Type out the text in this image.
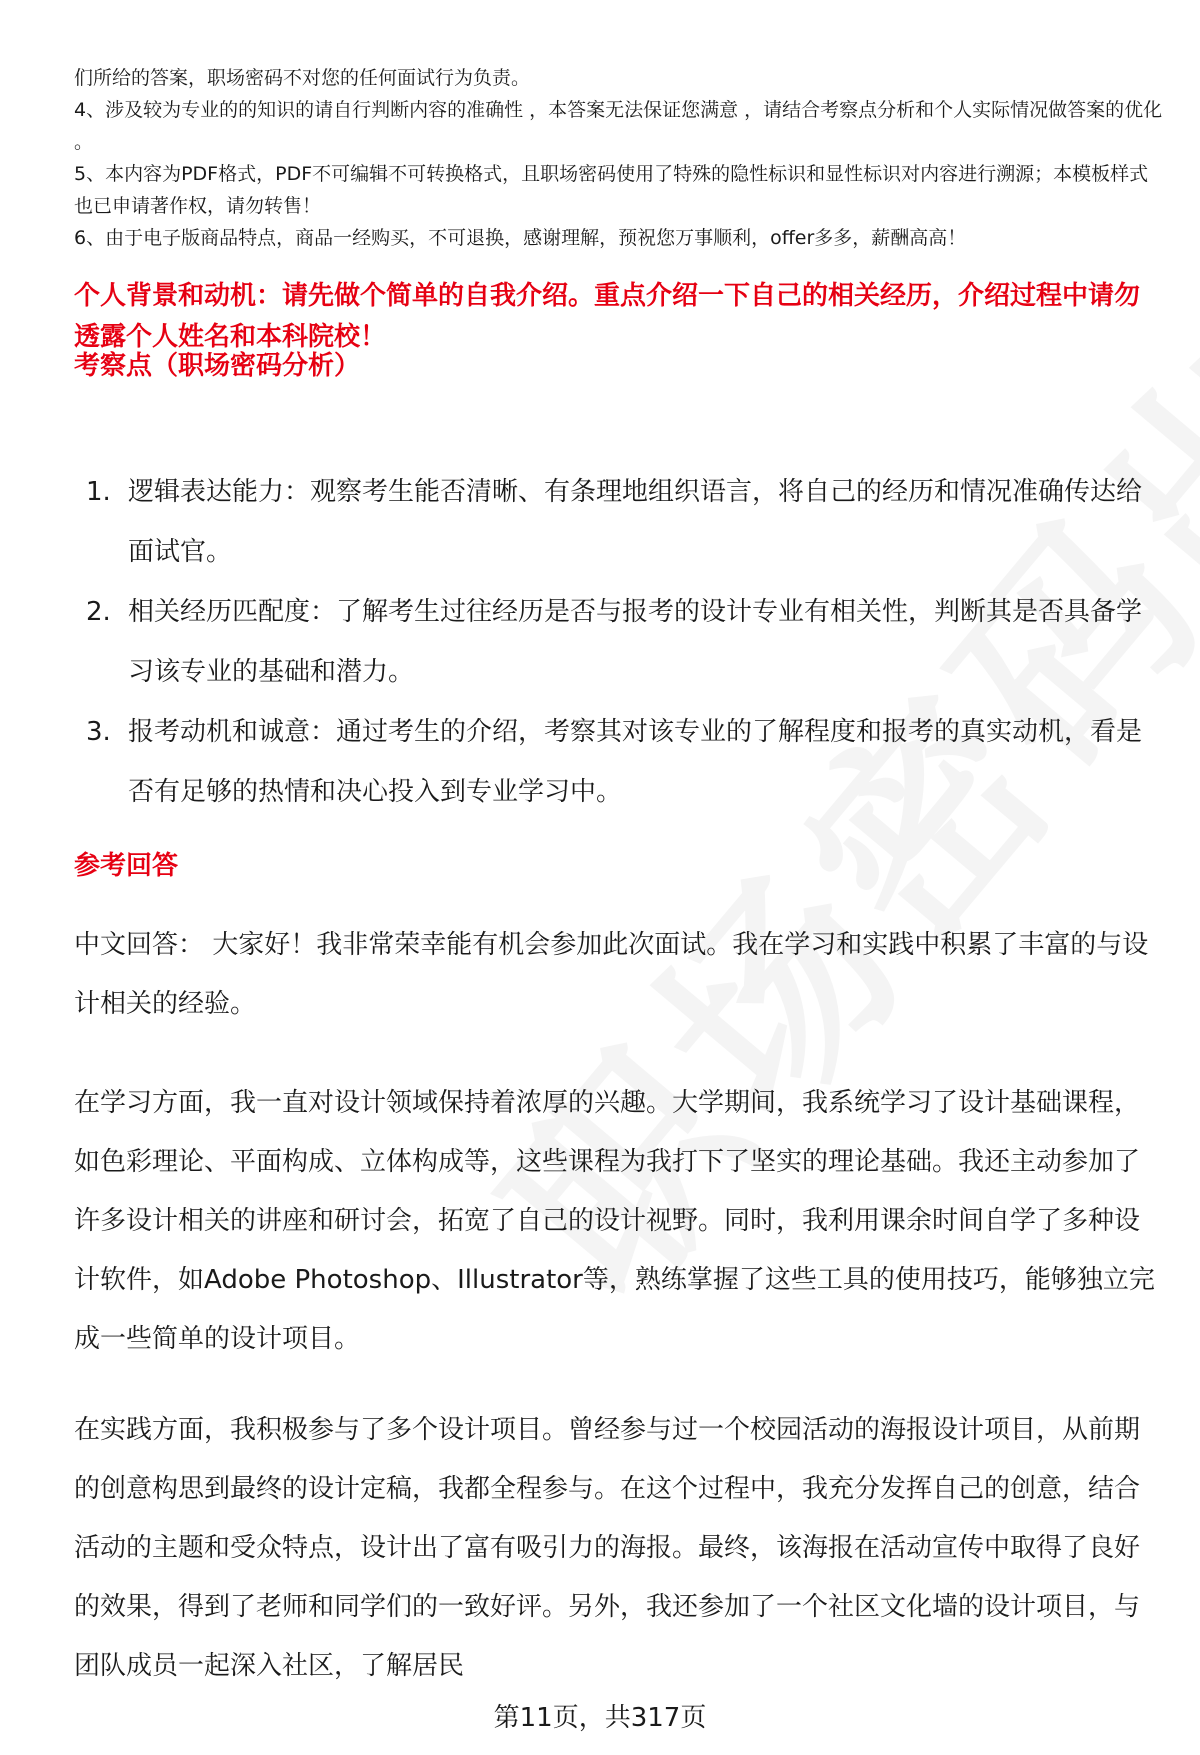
们所给的答案，职场密码不对您的任何面试行为负责。

4、涉及较为专业的的知识的请自行判断内容的准确性 ，本答案无法保证您满意 ，请结合考察点分析和个人实际情况做答案的优化 。

5、本内容为PDF格式，PDF不可编辑不可转换格式，且职场密码使用了特殊的隐性标识和显性标识对内容进行溯源；本模板样式也已申请著作权，请勿转售！

6、由于电子版商品特点，商品一经购买，不可退换，感谢理解，预祝您万事顺利，offer多多，薪酬高高！

个人背景和动机：请先做个简单的自我介绍。重点介绍一下自己的相关经历，介绍过程中请勿透露个人姓名和本科院校！

考察点（职场密码分析）

1. 逻辑表达能力：观察考生能否清晰、有条理地组织语言，将自己的经历和情况准确传达给面试官。
2. 相关经历匹配度：了解考生过往经历是否与报考的设计专业有相关性，判断其是否具备学习该专业的基础和潜力。
3. 报考动机和诚意：通过考生的介绍，考察其对该专业的了解程度和报考的真实动机，看是否有足够的热情和决心投入到专业学习中。

参考回答

中文回答： 大家好！我非常荣幸能有机会参加此次面试。我在学习和实践中积累了丰富的与设计相关的经验。

在学习方面，我一直对设计领域保持着浓厚的兴趣。大学期间，我系统学习了设计基础课程，如色彩理论、平面构成、立体构成等，这些课程为我打下了坚实的理论基础。我还主动参加了许多设计相关的讲座和研讨会，拓宽了自己的设计视野。同时，我利用课余时间自学了多种设计软件，如Adobe Photoshop、Illustrator等，熟练掌握了这些工具的使用技巧，能够独立完成一些简单的设计项目。

在实践方面，我积极参与了多个设计项目。曾经参与过一个校园活动的海报设计项目，从前期的创意构思到最终的设计定稿，我都全程参与。在这个过程中，我充分发挥自己的创意，结合活动的主题和受众特点，设计出了富有吸引力的海报。最终，该海报在活动宣传中取得了良好的效果，得到了老师和同学们的一致好评。另外，我还参加了一个社区文化墙的设计项目，与团队成员一起深入社区，了解居民

第11页，共317页
